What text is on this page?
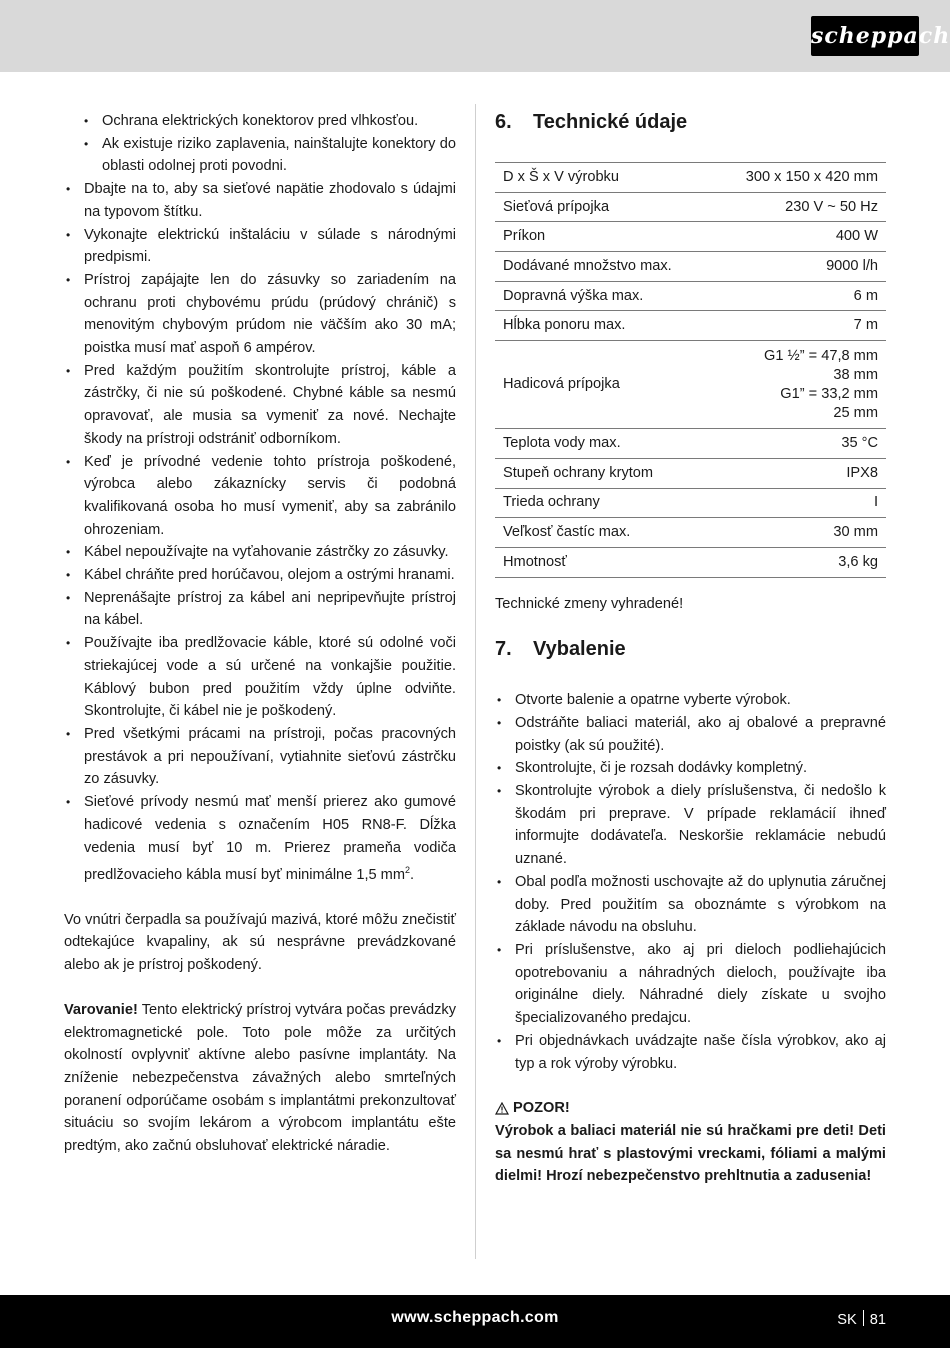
scheppach
• Ochrana elektrických konektorov pred vlhkosťou.
• Ak existuje riziko zaplavenia, nainštalujte konektory do oblasti odolnej proti povodni.
• Dbajte na to, aby sa sieťové napätie zhodovalo s údajmi na typovom štítku.
• Vykonajte elektrickú inštaláciu v súlade s národnými predpismi.
• Prístroj zapájajte len do zásuvky so zariadením na ochranu proti chybovému prúdu (prúdový chránič) s menovitým chybovým prúdom nie väčším ako 30 mA; poistka musí mať aspoň 6 ampérov.
• Pred každým použitím skontrolujte prístroj, káble a zástrčky, či nie sú poškodené. Chybné káble sa nesmú opravovať, ale musia sa vymeniť za nové. Nechajte škody na prístroji odstrániť odborníkom.
• Keď je prívodné vedenie tohto prístroja poškodené, výrobca alebo zákaznícky servis či podobná kvalifikovaná osoba ho musí vymeniť, aby sa zabránilo ohrozeniam.
• Kábel nepoužívajte na vyťahovanie zástrčky zo zásuvky.
• Kábel chráňte pred horúčavou, olejom a ostrými hranami.
• Neprenášajte prístroj za kábel ani nepripevňujte prístroj na kábel.
• Používajte iba predlžovacie káble, ktoré sú odolné voči striekajúcej vode a sú určené na vonkajšie použitie. Káblový bubon pred použitím vždy úplne odviňte. Skontrolujte, či kábel nie je poškodený.
• Pred všetkými prácami na prístroji, počas pracovných prestávok a pri nepoužívaní, vytiahnite sieťovú zástrčku zo zásuvky.
• Sieťové prívody nesmú mať menší prierez ako gumové hadicové vedenia s označením H05 RN8-F. Dĺžka vedenia musí byť 10 m. Prierez prameňa vodiča predlžovacieho kábla musí byť minimálne 1,5 $mm^2$.

Vo vnútri čerpadla sa používajú mazivá, ktoré môžu znečistiť odtekajúce kvapaliny, ak sú nesprávne prevádzkované alebo ak je prístroj poškodený.

Varovanie! Tento elektrický prístroj vytvára počas prevádzky elektromagnetické pole. Toto pole môže za určitých okolností ovplyvniť aktívne alebo pasívne implantáty. Na zníženie nebezpečenstva závažných alebo smrteľných poranení odporúčame osobám s implantátmi prekonzultovať situáciu so svojím lekárom a výrobcom implantátu ešte predtým, ako začnú obsluhovať elektrické náradie.

6. Technické údaje
D x Š x V výrobku	300 x 150 x 420 mm
Sieťová prípojka	230 V ~ 50 Hz
Príkon	400 W
Dodávané množstvo max.	9000 l/h
Dopravná výška max.	6 m
Hĺbka ponoru max.	7 m
Hadicová prípojka	G1 ½” = 47,8 mm
38 mm
G1” = 33,2 mm
25 mm

Teplota vody max.	35 °C
Stupeň ochrany krytom	IPX8
Trieda ochrany	I
Veľkosť častíc max.	30 mm
Hmotnosť	3,6 kg

Technické zmeny vyhradené!

7. Vybalenie
• Otvorte balenie a opatrne vyberte výrobok.
• Odstráňte baliaci materiál, ako aj obalové a prepravné poistky (ak sú použité).
• Skontrolujte, či je rozsah dodávky kompletný.
• Skontrolujte výrobok a diely príslušenstva, či nedošlo k škodám pri preprave. V prípade reklamácií ihneď informujte dodávateľa. Neskoršie reklamácie nebudú uznané.
• Obal podľa možnosti uschovajte až do uplynutia záručnej doby. Pred použitím sa oboznámte s výrobkom na základe návodu na obsluhu.
• Pri príslušenstve, ako aj pri dieloch podliehajúcich opotrebovaniu a náhradných dieloch, používajte iba originálne diely. Náhradné diely získate u svojho špecializovaného predajcu.
• Pri objednávkach uvádzajte naše čísla výrobkov, ako aj typ a rok výroby výrobku.
POZOR!

Výrobok a baliaci materiál nie sú hračkami pre deti! Deti sa nesmú hrať s plastovými vreckami, fóliami a malými dielmi! Hrozí nebezpečenstvo prehltnutia a zadusenia!

www.scheppach.com	SK 81
